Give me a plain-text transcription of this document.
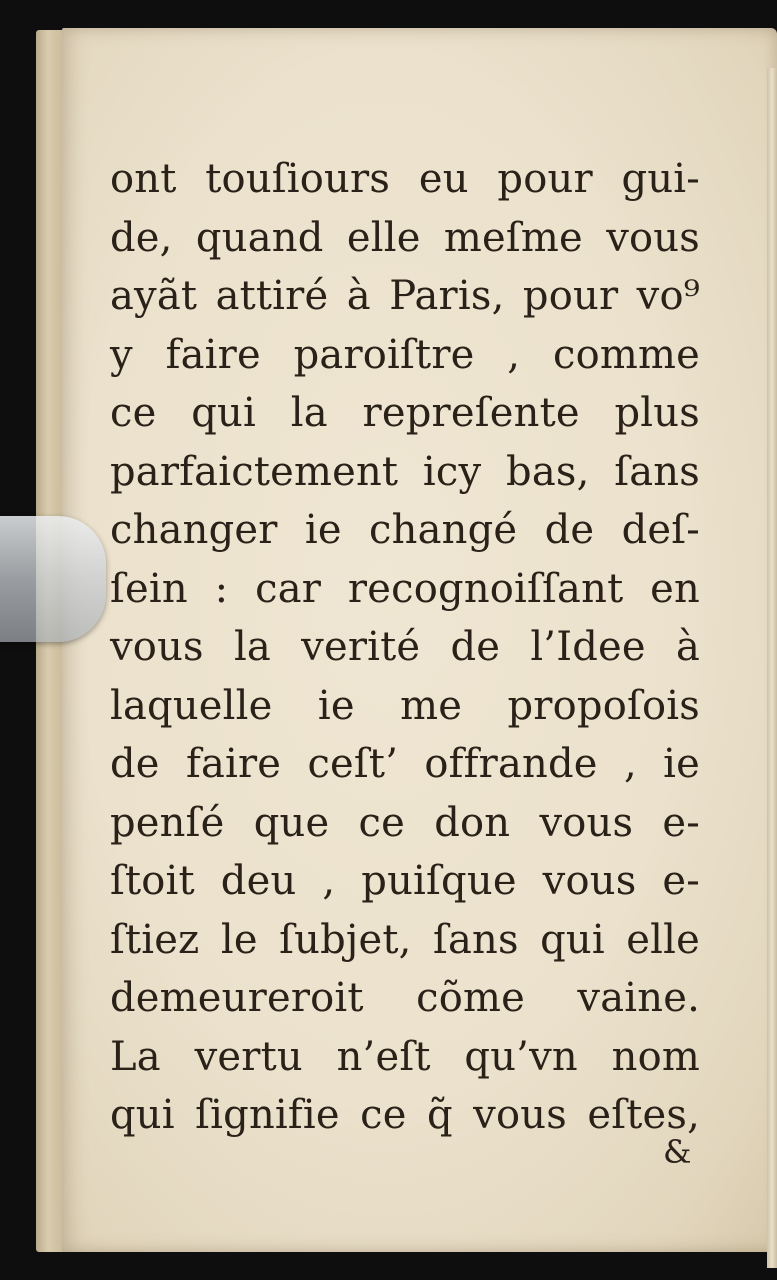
ont touſiours eu pour gui-
de, quand elle meſme vous
ayãt attiré à Paris, pour vo⁹
y faire paroiſtre , comme
ce qui la repreſente plus
parfaictement icy bas, ſans
changer ie changé de deſ-
ſein : car recognoiſſant en
vous la verité de l’Idee à
laquelle ie me propoſois
de faire ceſt’ offrande , ie
penſé que ce don vous e-
ſtoit deu , puiſque vous e-
ſtiez le ſubjet, ſans qui elle
demeureroit cõme vaine.
La vertu n’eſt qu’vn nom
qui ſignifie ce q̃ vous eſtes,
&
